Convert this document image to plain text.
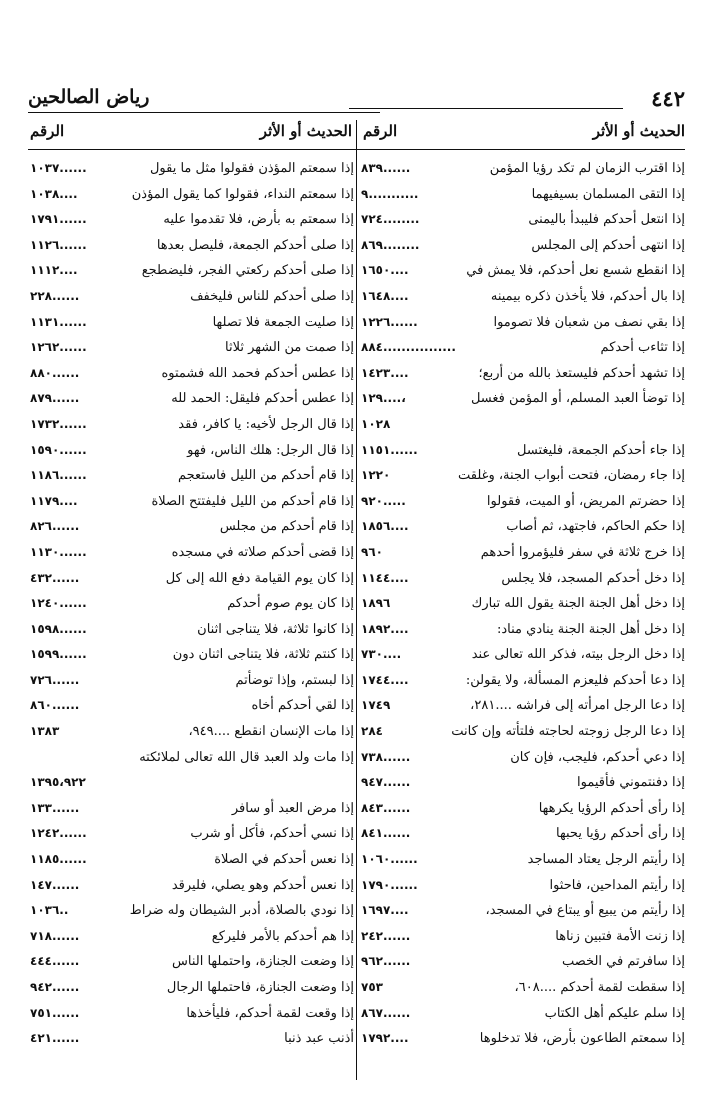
٤٤٢
رياض الصالحين
الحديث أو الأثر
الرقم
الحديث أو الأثر
الرقم
إذا اقترب الزمان لم تكد رؤيا المؤمن
٨٣٩......
إذا التقى المسلمان بسيفيهما
٩...........
إذا انتعل أحدكم فليبدأ باليمنى
٧٢٤........
إذا انتهى أحدكم إلى المجلس
٨٦٩........
إذا انقطع شسع نعل أحدكم، فلا يمش في
١٦٥٠....
إذا بال أحدكم، فلا يأخذن ذكره بيمينه
١٦٤٨....
إذا بقي نصف من شعبان فلا تصوموا
١٢٢٦......
إذا تثاءب أحدكم
٨٨٤................
إذا تشهد أحدكم فليستعذ بالله من أربع؛
١٤٢٣....
إذا توضأ العبد المسلم، أو المؤمن فغسل
١٢٩....،
١٠٢٨
إذا جاء أحدكم الجمعة، فليغتسل
١١٥١......
إذا جاء رمضان، فتحت أبواب الجنة، وغلقت
١٢٢٠
إذا حضرتم المريض، أو الميت، فقولوا
٩٢٠.....
إذا حكم الحاكم، فاجتهد، ثم أصاب
١٨٥٦....
إذا خرج ثلاثة في سفر فليؤمروا أحدهم
٩٦٠
إذا دخل أحدكم المسجد، فلا يجلس
١١٤٤....
إذا دخل أهل الجنة الجنة يقول الله تبارك
١٨٩٦
إذا دخل أهل الجنة الجنة ينادي مناد:
١٨٩٢....
إذا دخل الرجل بيته، فذكر الله تعالى عند
٧٣٠....
إذا دعا أحدكم فليعزم المسألة، ولا يقولن:
١٧٤٤....
إذا دعا الرجل امرأته إلى فراشه ....٢٨١،
١٧٤٩
إذا دعا الرجل زوجته لحاجته فلتأته وإن كانت
٢٨٤
إذا دعي أحدكم، فليجب، فإن كان
٧٣٨......
إذا دفنتموني فأقيموا
٩٤٧......
إذا رأى أحدكم الرؤيا يكرهها
٨٤٣......
إذا رأى أحدكم رؤيا يحبها
٨٤١......
إذا رأيتم الرجل يعتاد المساجد
١٠٦٠......
إذا رأيتم المداحين، فاحثوا
١٧٩٠......
إذا رأيتم من يبيع أو يبتاع في المسجد،
١٦٩٧....
إذا زنت الأمة فتبين زناها
٢٤٢......
إذا سافرتم في الخصب
٩٦٢......
إذا سقطت لقمة أحدكم ....٦٠٨،
٧٥٣
إذا سلم عليكم أهل الكتاب
٨٦٧......
إذا سمعتم الطاعون بأرض، فلا تدخلوها
١٧٩٢....
إذا سمعتم المؤذن فقولوا مثل ما يقول
١٠٣٧......
إذا سمعتم النداء، فقولوا كما يقول المؤذن
١٠٣٨....
إذا سمعتم به بأرض، فلا تقدموا عليه
١٧٩١......
إذا صلى أحدكم الجمعة، فليصل بعدها
١١٢٦......
إذا صلى أحدكم ركعتي الفجر، فليضطجع
١١١٢....
إذا صلى أحدكم للناس فليخفف
٢٢٨......
إذا صليت الجمعة فلا تصلها
١١٣١......
إذا صمت من الشهر ثلاثا
١٢٦٢......
إذا عطس أحدكم فحمد الله فشمتوه
٨٨٠......
إذا عطس أحدكم فليقل: الحمد لله
٨٧٩......
إذا قال الرجل لأخيه: يا كافر، فقد
١٧٣٢......
إذا قال الرجل: هلك الناس، فهو
١٥٩٠......
إذا قام أحدكم من الليل فاستعجم
١١٨٦......
إذا قام أحدكم من الليل فليفتتح الصلاة
١١٧٩....
إذا قام أحدكم من مجلس
٨٢٦......
إذا قضى أحدكم صلاته في مسجده
١١٣٠......
إذا كان يوم القيامة دفع الله إلى كل
٤٣٢......
إذا كان يوم صوم أحدكم
١٢٤٠......
إذا كانوا ثلاثة، فلا يتناجى اثنان
١٥٩٨......
إذا كنتم ثلاثة، فلا يتناجى اثنان دون
١٥٩٩......
إذا لبستم، وإذا توضأتم
٧٢٦......
إذا لقي أحدكم أخاه
٨٦٠......
إذا مات الإنسان انقطع ....٩٤٩،
١٣٨٣
إذا مات ولد العبد قال الله تعالى لملائكته
١٣٩٥،٩٢٢
إذا مرض العبد أو سافر
١٣٣......
إذا نسي أحدكم، فأكل أو شرب
١٢٤٢......
إذا نعس أحدكم في الصلاة
١١٨٥......
إذا نعس أحدكم وهو يصلي، فليرقد
١٤٧......
إذا نودي بالصلاة، أدبر الشيطان وله ضراط
١٠٣٦..
إذا هم أحدكم بالأمر فليركع
٧١٨......
إذا وضعت الجنازة، واحتملها الناس
٤٤٤......
إذا وضعت الجنازة، فاحتملها الرجال
٩٤٢......
إذا وقعت لقمة أحدكم، فليأخذها
٧٥١......
أذنب عبد ذنبا
٤٢١......
